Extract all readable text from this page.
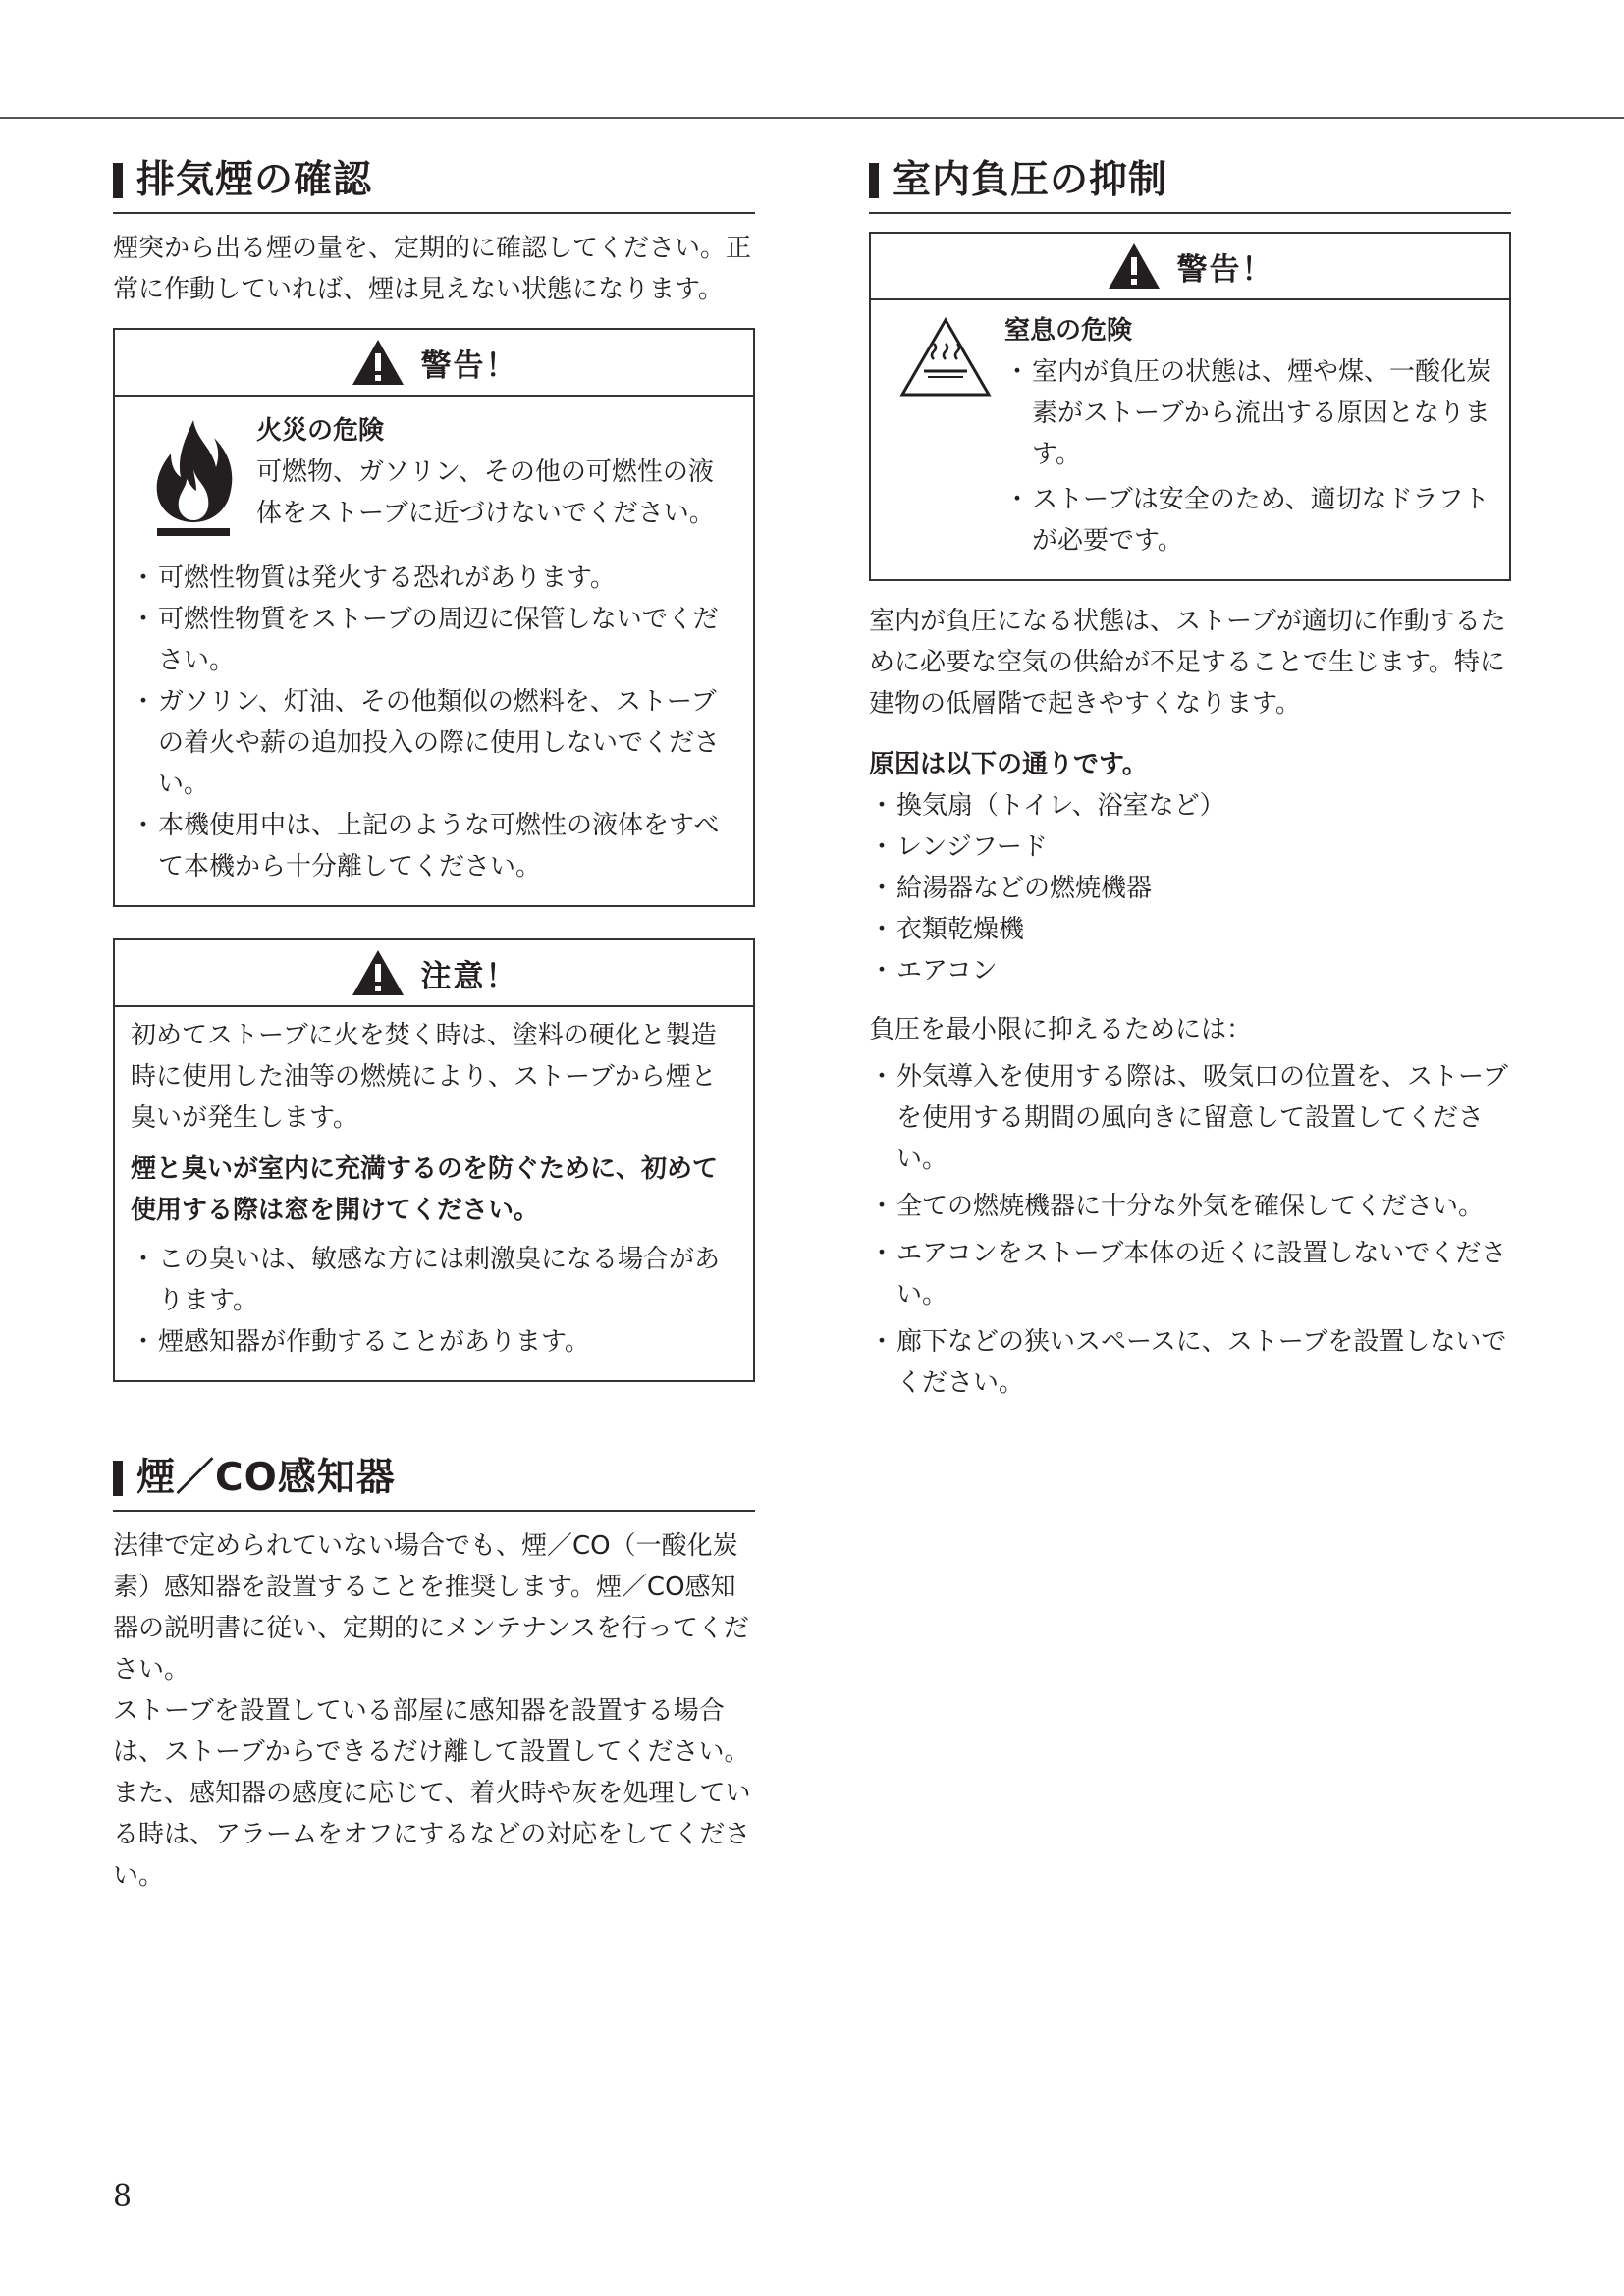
排気煙の確認

煙突から出る煙の量を、定期的に確認してください。正常に作動していれば、煙は見えない状態になります。

警告！
火災の危険
可燃物、ガソリン、その他の可燃性の液体をストーブに近づけないでください。
・ 可燃性物質は発火する恐れがあります。
・ 可燃性物質をストーブの周辺に保管しないでください。
・ ガソリン、灯油、その他類似の燃料を、ストーブの着火や薪の追加投入の際に使用しないでください。
・ 本機使用中は、上記のような可燃性の液体をすべて本機から十分離してください。
注意！

初めてストーブに火を焚く時は、塗料の硬化と製造時に使用した油等の燃焼により、ストーブから煙と臭いが発生します。

煙と臭いが室内に充満するのを防ぐために、初めて使用する際は窓を開けてください。

・ この臭いは、敏感な方には刺激臭になる場合があります。
・ 煙感知器が作動することがあります。
煙／CO感知器

法律で定められていない場合でも、煙／CO（一酸化炭素）感知器を設置することを推奨します。煙／CO感知器の説明書に従い、定期的にメンテナンスを行ってください。

ストーブを設置している部屋に感知器を設置する場合は、ストーブからできるだけ離して設置してください。また、感知器の感度に応じて、着火時や灰を処理している時は、アラームをオフにするなどの対応をしてください。

室内負圧の抑制
警告！
窒息の危険
・ 室内が負圧の状態は、煙や煤、一酸化炭素がストーブから流出する原因となります。
・ ストーブは安全のため、適切なドラフトが必要です。

室内が負圧になる状態は、ストーブが適切に作動するために必要な空気の供給が不足することで生じます。特に建物の低層階で起きやすくなります。

原因は以下の通りです。

・ 換気扇（トイレ、浴室など）
・ レンジフード
・ 給湯器などの燃焼機器
・ 衣類乾燥機
・ エアコン

負圧を最小限に抑えるためには：

・ 外気導入を使用する際は、吸気口の位置を、ストーブを使用する期間の風向きに留意して設置してください。
・ 全ての燃焼機器に十分な外気を確保してください。
・ エアコンをストーブ本体の近くに設置しないでください。
・ 廊下などの狭いスペースに、ストーブを設置しないでください。
8
